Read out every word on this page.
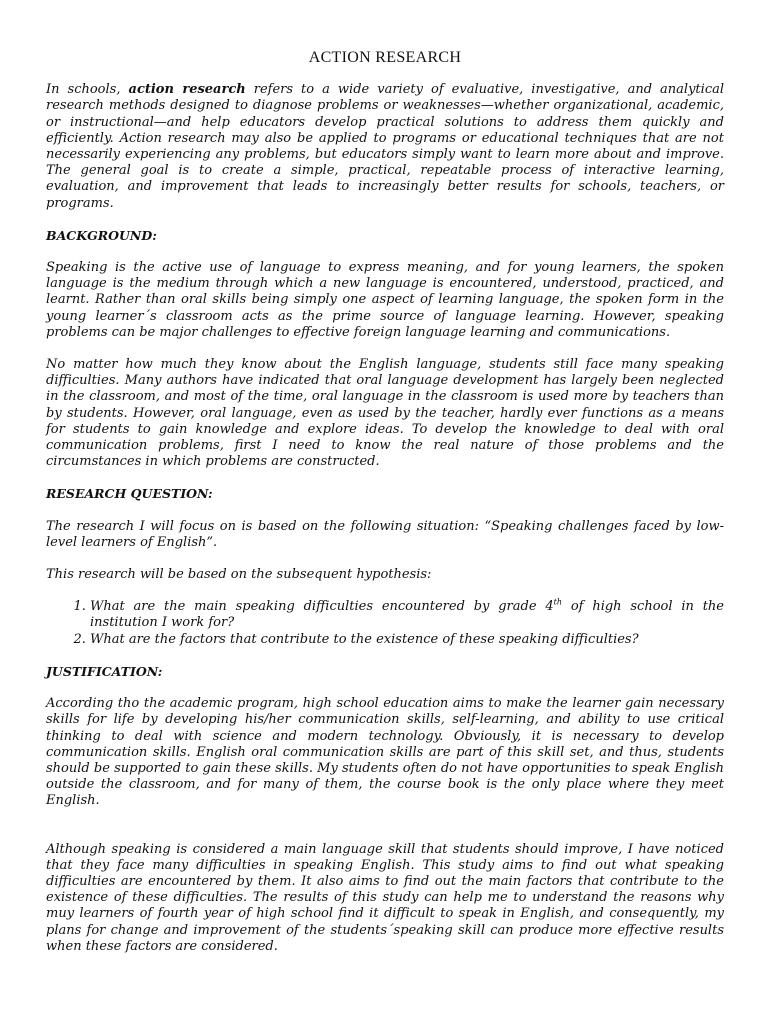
ACTION RESEARCH

In schools, action research refers to a wide variety of evaluative, investigative, and analytical research methods designed to diagnose problems or weaknesses—whether organizational, academic, or instructional—and help educators develop practical solutions to address them quickly and efficiently. Action research may also be applied to programs or educational techniques that are not necessarily experiencing any problems, but educators simply want to learn more about and improve. The general goal is to create a simple, practical, repeatable process of interactive learning, evaluation, and improvement that leads to increasingly better results for schools, teachers, or programs.

BACKGROUND:

Speaking is the active use of language to express meaning, and for young learners, the spoken language is the medium through which a new language is encountered, understood, practiced, and learnt. Rather than oral skills being simply one aspect of learning language, the spoken form in the young learner´s classroom acts as the prime source of language learning. However, speaking problems can be major challenges to effective foreign language learning and communications.

No matter how much they know about the English language, students still face many speaking difficulties. Many authors have indicated that oral language development has largely been neglected in the classroom, and most of the time, oral language in the classroom is used more by teachers than by students. However, oral language, even as used by the teacher, hardly ever functions as a means for students to gain knowledge and explore ideas. To develop the knowledge to deal with oral communication problems, first I need to know the real nature of those problems and the circumstances in which problems are constructed.

RESEARCH QUESTION:

The research I will focus on is based on the following situation: “Speaking challenges faced by low-level learners of English”.

This research will be based on the subsequent hypothesis:

1. What are the main speaking difficulties encountered by grade 4th of high school in the institution I work for?
2. What are the factors that contribute to the existence of these speaking difficulties?

JUSTIFICATION:

According tho the academic program, high school education aims to make the learner gain necessary skills for life by developing his/her communication skills, self-learning, and ability to use critical thinking to deal with science and modern technology. Obviously, it is necessary to develop communication skills. English oral communication skills are part of this skill set, and thus, students should be supported to gain these skills. My students often do not have opportunities to speak English outside the classroom, and for many of them, the course book is the only place where they meet English.

Although speaking is considered a main language skill that students should improve, I have noticed that they face many difficulties in speaking English. This study aims to find out what speaking difficulties are encountered by them. It also aims to find out the main factors that contribute to the existence of these difficulties. The results of this study can help me to understand the reasons why muy learners of fourth year of high school find it difficult to speak in English, and consequently, my plans for change and improvement of the students´speaking skill can produce more effective results when these factors are considered.
